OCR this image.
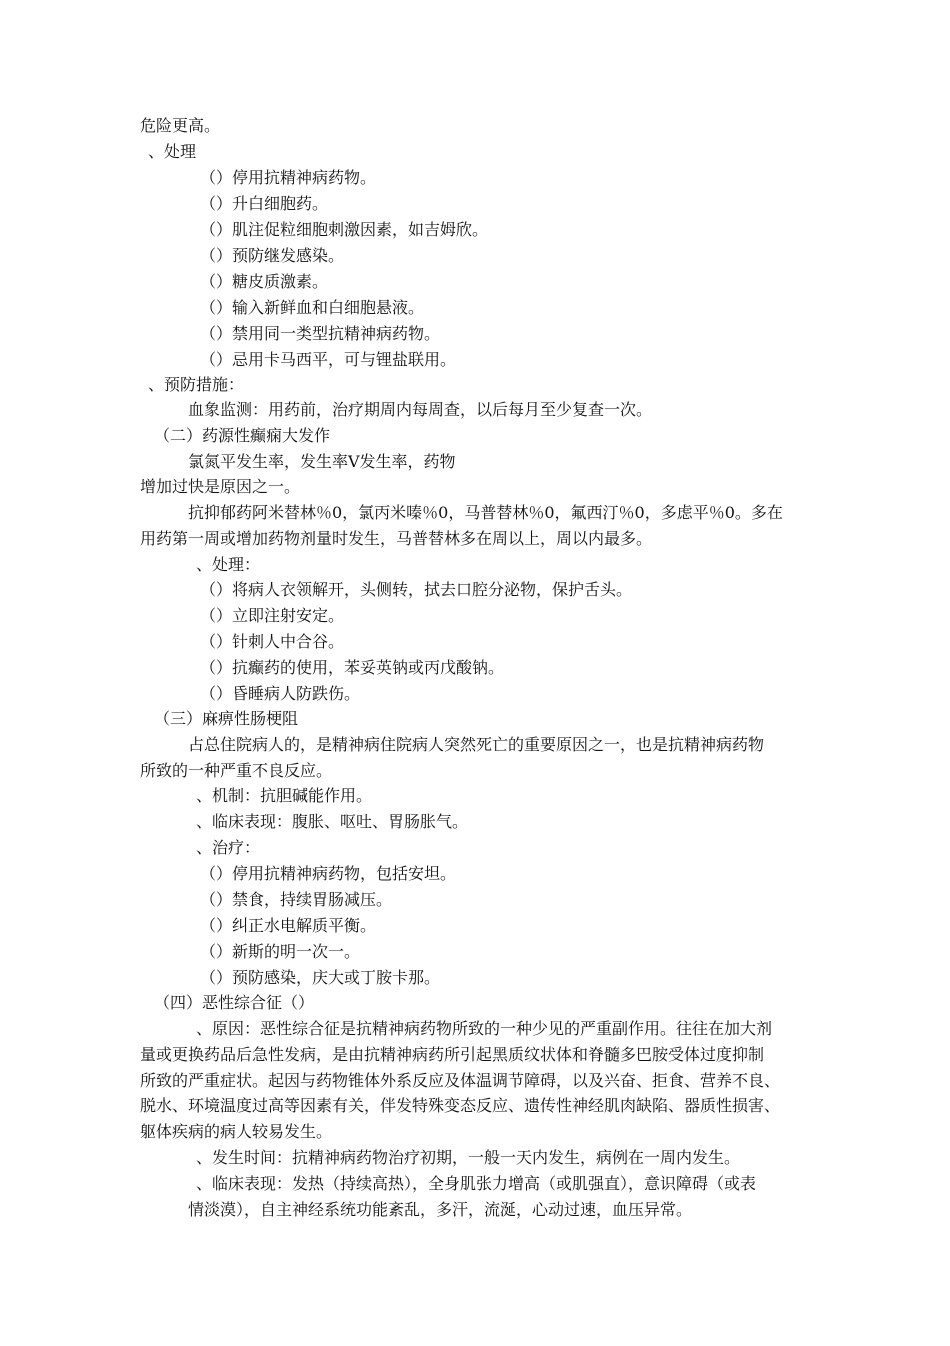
危险更高。
、处理
（）停用抗精神病药物。
（）升白细胞药。
（）肌注促粒细胞刺激因素，如吉姆欣。
（）预防继发感染。
（）糖皮质激素。
（）输入新鲜血和白细胞悬液。
（）禁用同一类型抗精神病药物。
（）忌用卡马西平，可与锂盐联用。
、预防措施：
血象监测：用药前，治疗期周内每周查，以后每月至少复查一次。
（二）药源性癫痫大发作
氯氮平发生率，发生率V发生率，药物
增加过快是原因之一。
抗抑郁药阿米替林％0，氯丙米嗪％0，马普替林％0，氟西汀％0，多虑平％0。多在
用药第一周或增加药物剂量时发生，马普替林多在周以上，周以内最多。
、处理：
（）将病人衣领解开，头侧转，拭去口腔分泌物，保护舌头。
（）立即注射安定。
（）针刺人中合谷。
（）抗癫药的使用，苯妥英钠或丙戊酸钠。
（）昏睡病人防跌伤。
（三）麻痹性肠梗阻
占总住院病人的，是精神病住院病人突然死亡的重要原因之一，也是抗精神病药物
所致的一种严重不良反应。
、机制：抗胆碱能作用。
、临床表现：腹胀、呕吐、胃肠胀气。
、治疗：
（）停用抗精神病药物，包括安坦。
（）禁食，持续胃肠减压。
（）纠正水电解质平衡。
（）新斯的明一次一。
（）预防感染，庆大或丁胺卡那。
（四）恶性综合征（）
、原因：恶性综合征是抗精神病药物所致的一种少见的严重副作用。往往在加大剂
量或更换药品后急性发病，是由抗精神病药所引起黑质纹状体和脊髓多巴胺受体过度抑制
所致的严重症状。起因与药物锥体外系反应及体温调节障碍，以及兴奋、拒食、营养不良、
脱水、环境温度过高等因素有关，伴发特殊变态反应、遗传性神经肌肉缺陷、器质性损害、
躯体疾病的病人较易发生。
、发生时间：抗精神病药物治疗初期，一般一天内发生，病例在一周内发生。
、临床表现：发热（持续高热），全身肌张力增高（或肌强直），意识障碍（或表
情淡漠），自主神经系统功能紊乱，多汗，流涎，心动过速，血压异常。
